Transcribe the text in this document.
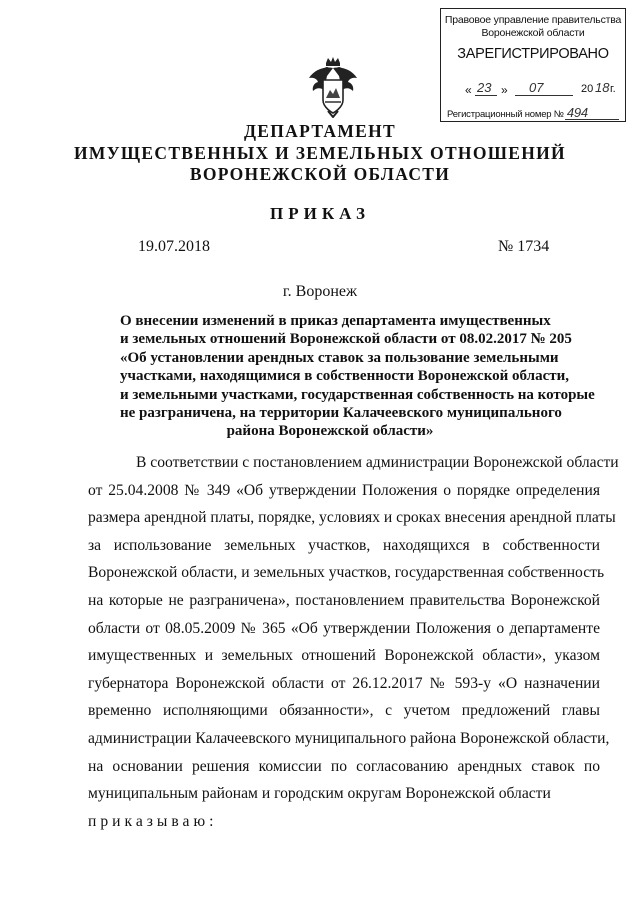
Правовое управление правительства
Воронежской области
ЗАРЕГИСТРИРОВАНО
« 23 » 07	20 18 г.
Регистрационный номер № 494
ДЕПАРТАМЕНТ
ИМУЩЕСТВЕННЫХ И ЗЕМЕЛЬНЫХ ОТНОШЕНИЙ
ВОРОНЕЖСКОЙ ОБЛАСТИ
ПРИКАЗ
19.07.2018	№ 1734
г. Воронеж
О внесении изменений в приказ департамента имущественных
и земельных отношений Воронежской области от 08.02.2017 № 205
«Об установлении арендных ставок за пользование земельными
участками, находящимися в собственности Воронежской области,
и земельными участками, государственная собственность на которые
не разграничена, на территории Калачеевского муниципального
района Воронежской области»
В соответствии с постановлением администрации Воронежской области
от 25.04.2008 № 349 «Об утверждении Положения о порядке определения
размера арендной платы, порядке, условиях и сроках внесения арендной платы
за использование земельных участков, находящихся в собственности
Воронежской области, и земельных участков, государственная собственность
на которые не разграничена», постановлением правительства Воронежской
области от 08.05.2009 № 365 «Об утверждении Положения о департаменте
имущественных и земельных отношений Воронежской области», указом
губернатора Воронежской области от 26.12.2017 № 593-у «О назначении
временно исполняющими обязанности», с учетом предложений главы
администрации Калачеевского муниципального района Воронежской области,
на основании решения комиссии по согласованию арендных ставок по
муниципальным районам и городским округам Воронежской области
приказываю:
